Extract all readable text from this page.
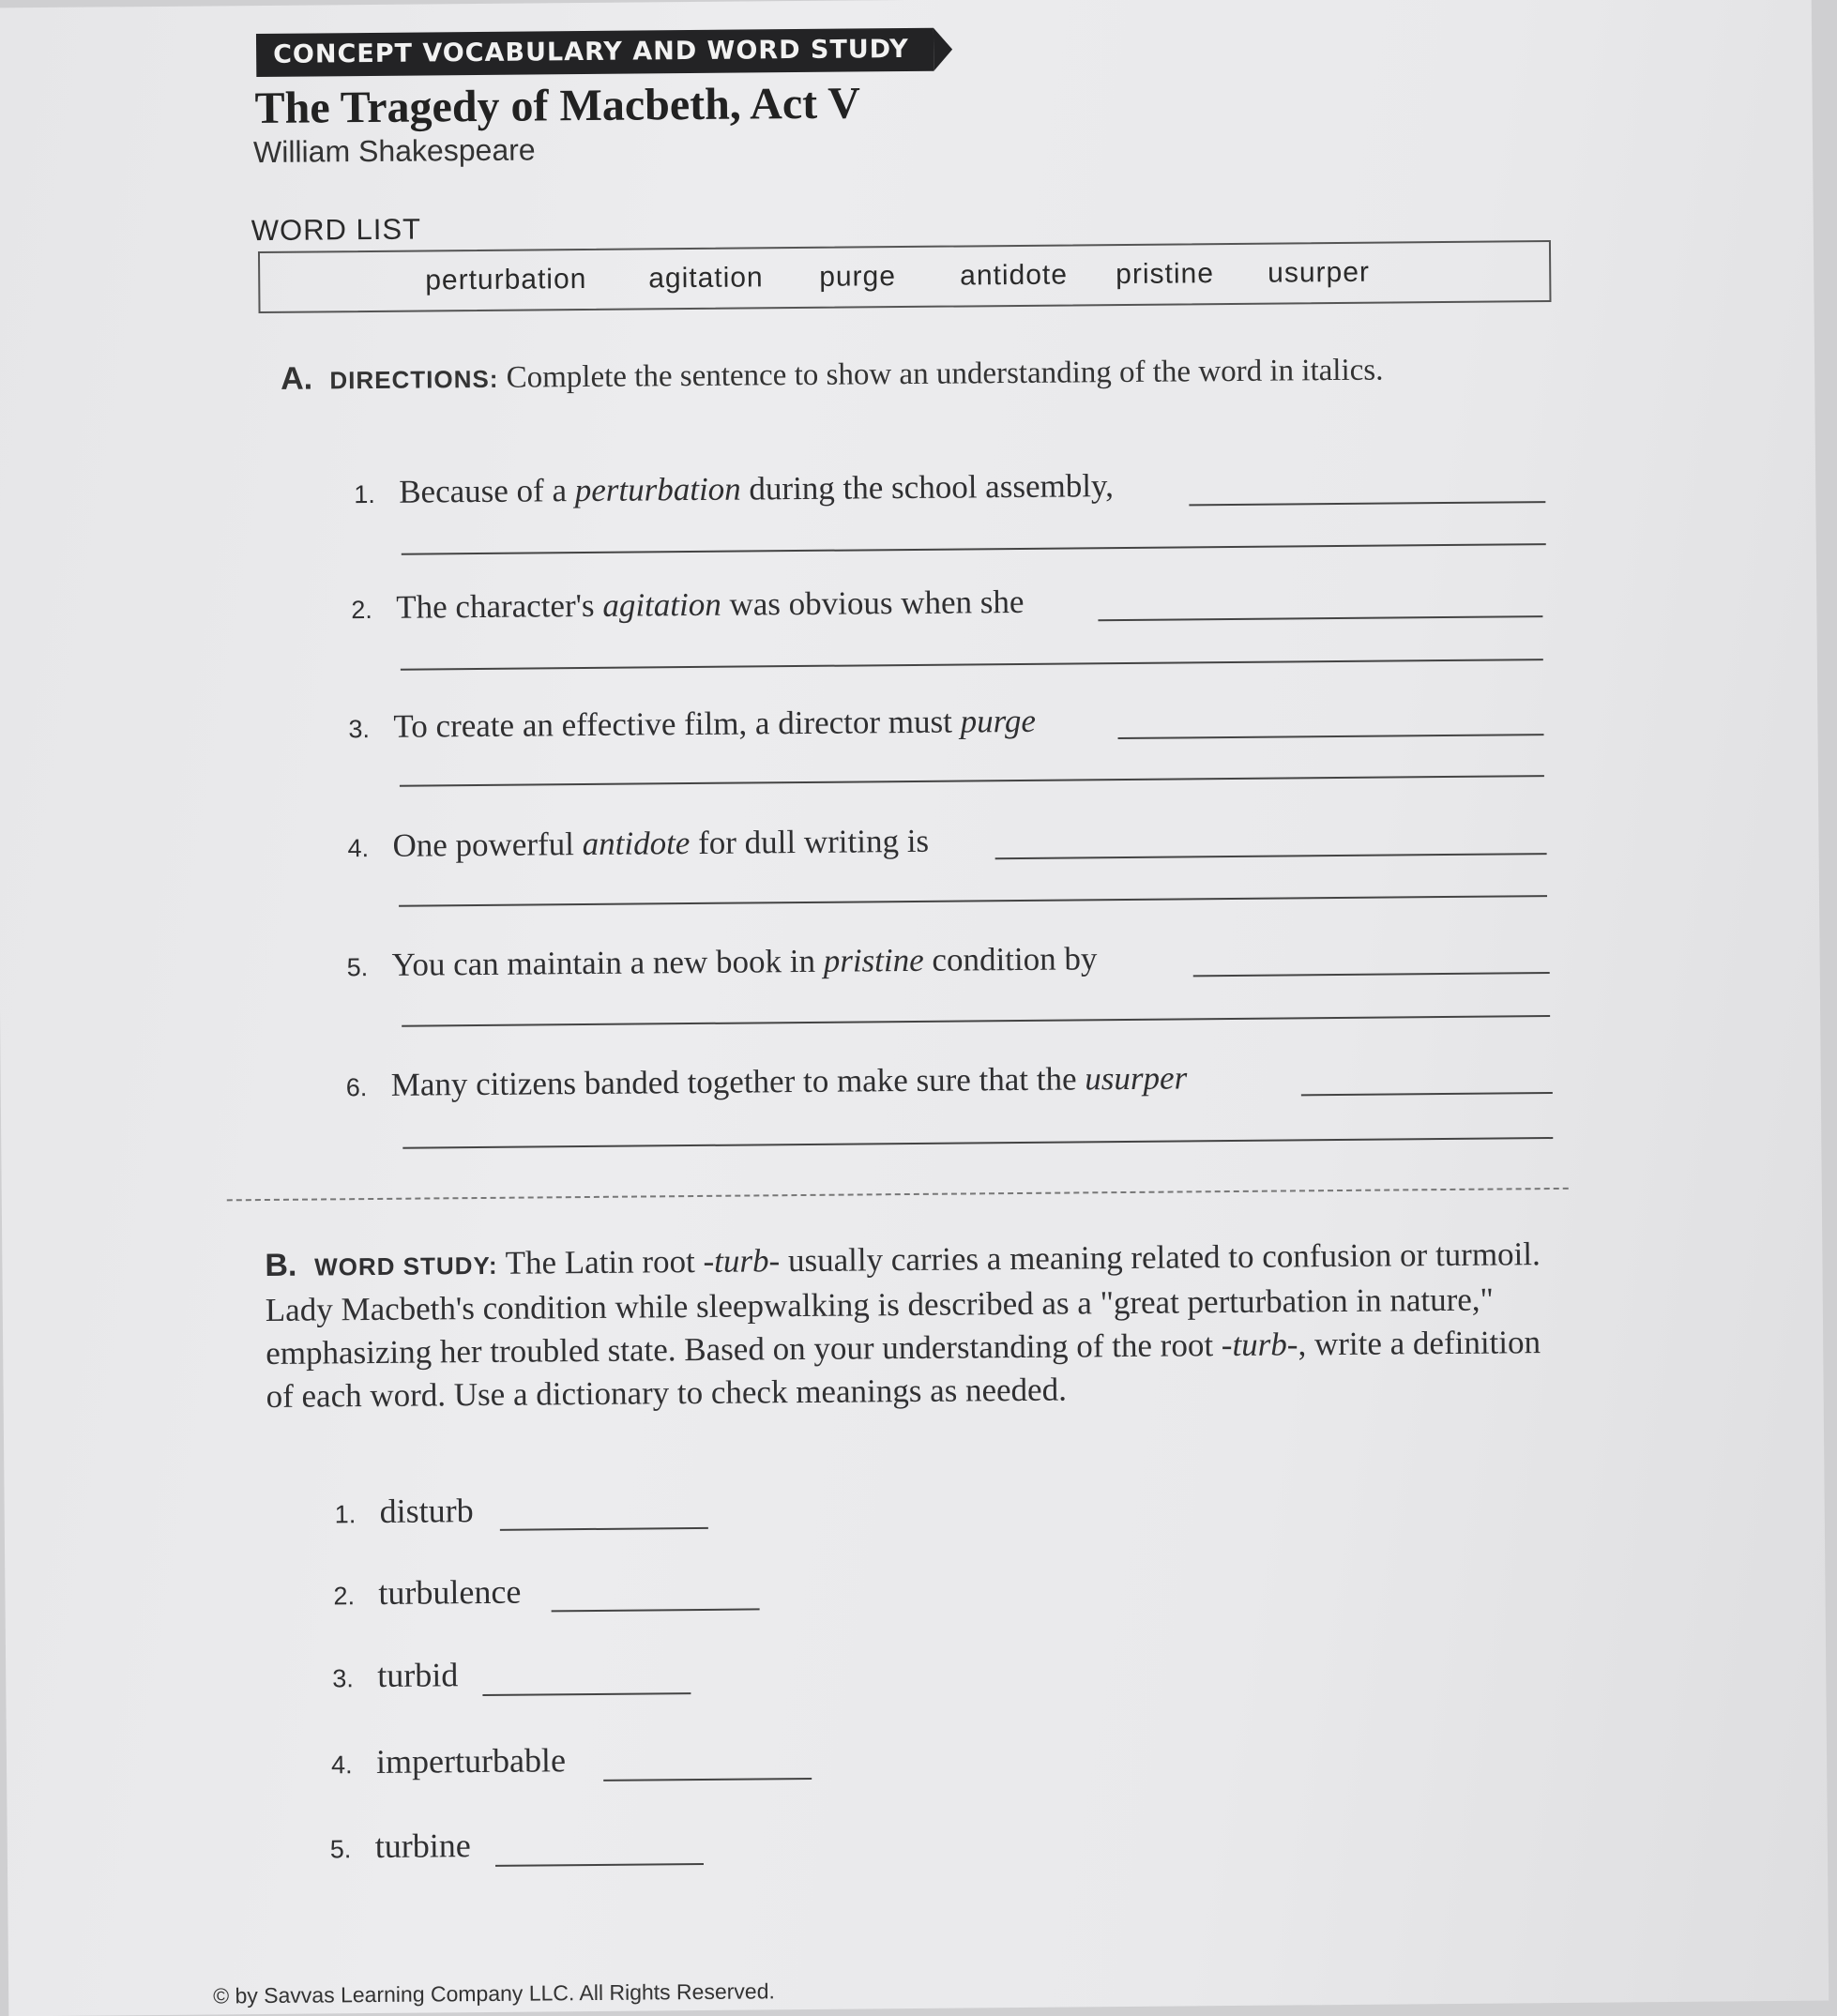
CONCEPT VOCABULARY AND WORD STUDY
The Tragedy of Macbeth, Act V
William Shakespeare
WORD LIST
perturbation agitation purge antidote pristine usurper
A. DIRECTIONS: Complete the sentence to show an understanding of the word in italics.
1. Because of a perturbation during the school assembly,
2. The character's agitation was obvious when she
3. To create an effective film, a director must purge
4. One powerful antidote for dull writing is
5. You can maintain a new book in pristine condition by
6. Many citizens banded together to make sure that the usurper
B. WORD STUDY: The Latin root -turb- usually carries a meaning related to confusion or turmoil. Lady Macbeth's condition while sleepwalking is described as a "great perturbation in nature," emphasizing her troubled state. Based on your understanding of the root -turb-, write a definition of each word. Use a dictionary to check meanings as needed.
1. disturb
2. turbulence
3. turbid
4. imperturbable
5. turbine
© by Savvas Learning Company LLC. All Rights Reserved.
